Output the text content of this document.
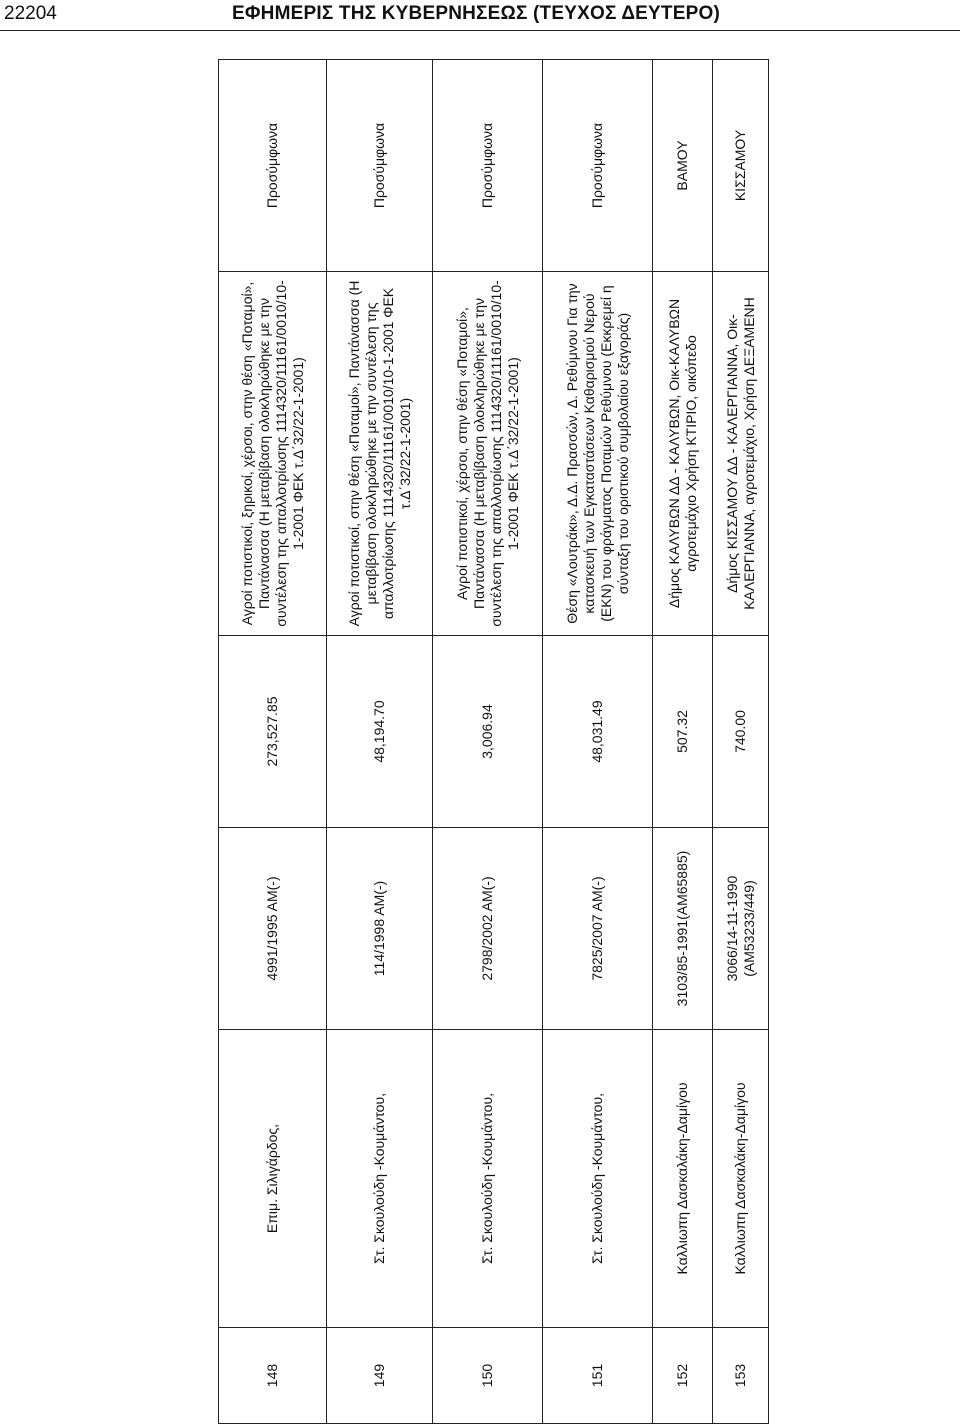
22204	ΕΦΗΜΕΡΙΣ ΤΗΣ ΚΥΒΕΡΝΗΣΕΩΣ (ΤΕΥΧΟΣ ΔΕΥΤΕΡΟ)
148	Επιμ. Σιλιγάρδος,	4991/1995 ΑΜ(-)	273,527.85	Αγροί ποτιστικοί, ξηρικοί, χέρσοι, στην θέση «Ποταμοί», Παντάνασσα (Η μεταβίβαση ολοκληρώθηκε με την συντέλεση της απαλλοτρίωσης 1114320/11161/0010/10-1-2001 ΦΕΚ τ.Δ΄32/22-1-2001)	Προσύμφωνα
149	Στ. Σκουλούδη -Κουμάντου,	114/1998 ΑΜ(-)	48,194.70	Αγροί ποτιστικοί, στην θέση «Ποταμοί», Παντάνασσα (Η μεταβίβαση ολοκληρώθηκε με την συντέλεση της απαλλοτρίωσης 1114320/11161/0010/10-1-2001 ΦΕΚ τ.Δ΄32/22-1-2001)	Προσύμφωνα
150	Στ. Σκουλούδη -Κουμάντου,	2798/2002 ΑΜ(-)	3,006.94	Αγροί ποτιστικοί, χέρσοι, στην θέση «Ποταμοί», Παντάνασσα (Η μεταβίβαση ολοκληρώθηκε με την συντέλεση της απαλλοτρίωσης 1114320/11161/0010/10-1-2001 ΦΕΚ τ.Δ΄32/22-1-2001)	Προσύμφωνα
151	Στ. Σκουλούδη -Κουμάντου,	7825/2007 ΑΜ(-)	48,031.49	Θέση «Λουτράκι», Δ.Δ. Πρασσών, Δ. Ρεθύμνου Για την κατασκευή των Εγκαταστάσεων Καθαρισμού Νερού (ΕΚΝ) του φράγματος Ποταμών Ρεθύμνου (Εκκρεμεί η σύνταξη του οριστικού συμβολαίου εξαγοράς)	Προσύμφωνα
152	Καλλιωπη Δασκαλάκη-Δαμίγου	3103/85-1991(AM65885)	507.32	Δήμος ΚΑΛΥΒΩΝ ΔΔ - ΚΑΛΥΒΩΝ, Οικ-ΚΑΛΥΒΩΝ αγροτεμάχιο Χρήση ΚΤΙΡΙΟ, οικόπεδο	ΒΑΜΟΥ
153	Καλλιωπη Δασκαλάκη-Δαμίγου	3066/14-11-1990 (AM53233/449)	740.00	Δήμος ΚΙΣΣΑΜΟΥ ΔΔ - ΚΑΛΕΡΓΙΑΝΝΑ, Οικ-ΚΑΛΕΡΓΙΑΝΝΑ, αγροτεμάχιο, Χρήση ΔΕΞΑΜΕΝΗ	ΚΙΣΣΑΜΟΥ
